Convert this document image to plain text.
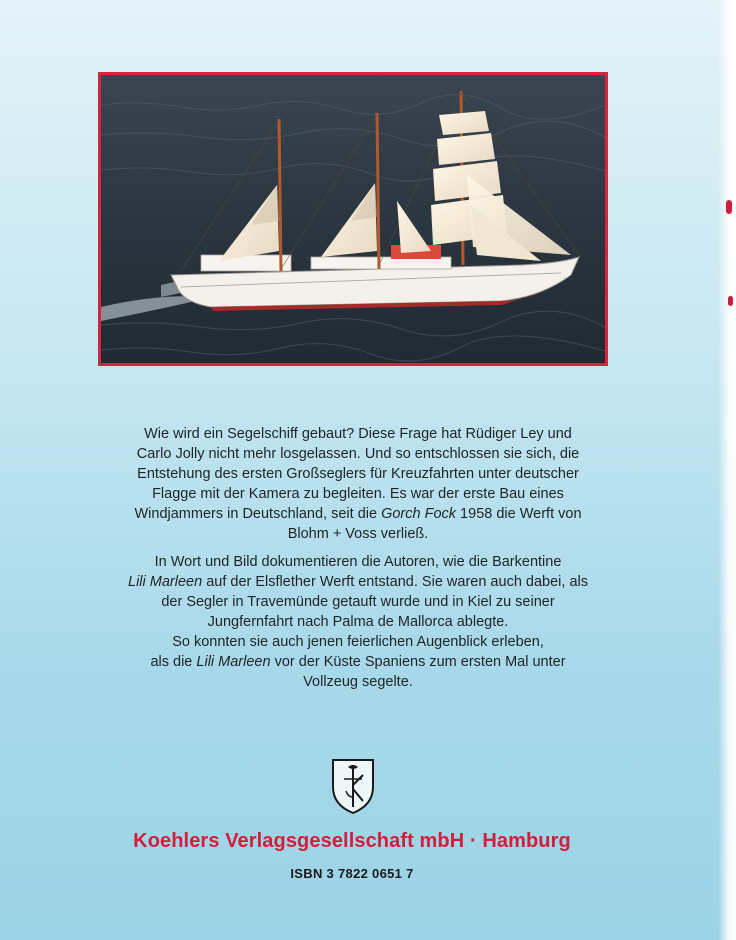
Wie wird ein Segelschiff gebaut? Diese Frage hat Rüdiger Ley und
Carlo Jolly nicht mehr losgelassen. Und so entschlossen sie sich, die
Entstehung des ersten Großseglers für Kreuzfahrten unter deutscher
Flagge mit der Kamera zu begleiten. Es war der erste Bau eines
Windjammers in Deutschland, seit die Gorch Fock 1958 die Werft von
Blohm + Voss verließ.

In Wort und Bild dokumentieren die Autoren, wie die Barkentine
Lili Marleen auf der Elsflether Werft entstand. Sie waren auch dabei, als
der Segler in Travemünde getauft wurde und in Kiel zu seiner
Jungfernfahrt nach Palma de Mallorca ablegte.
So konnten sie auch jenen feierlichen Augenblick erleben,
als die Lili Marleen vor der Küste Spaniens zum ersten Mal unter
Vollzeug segelte.

Koehlers Verlagsgesellschaft mbH · Hamburg
ISBN 3 7822 0651 7
